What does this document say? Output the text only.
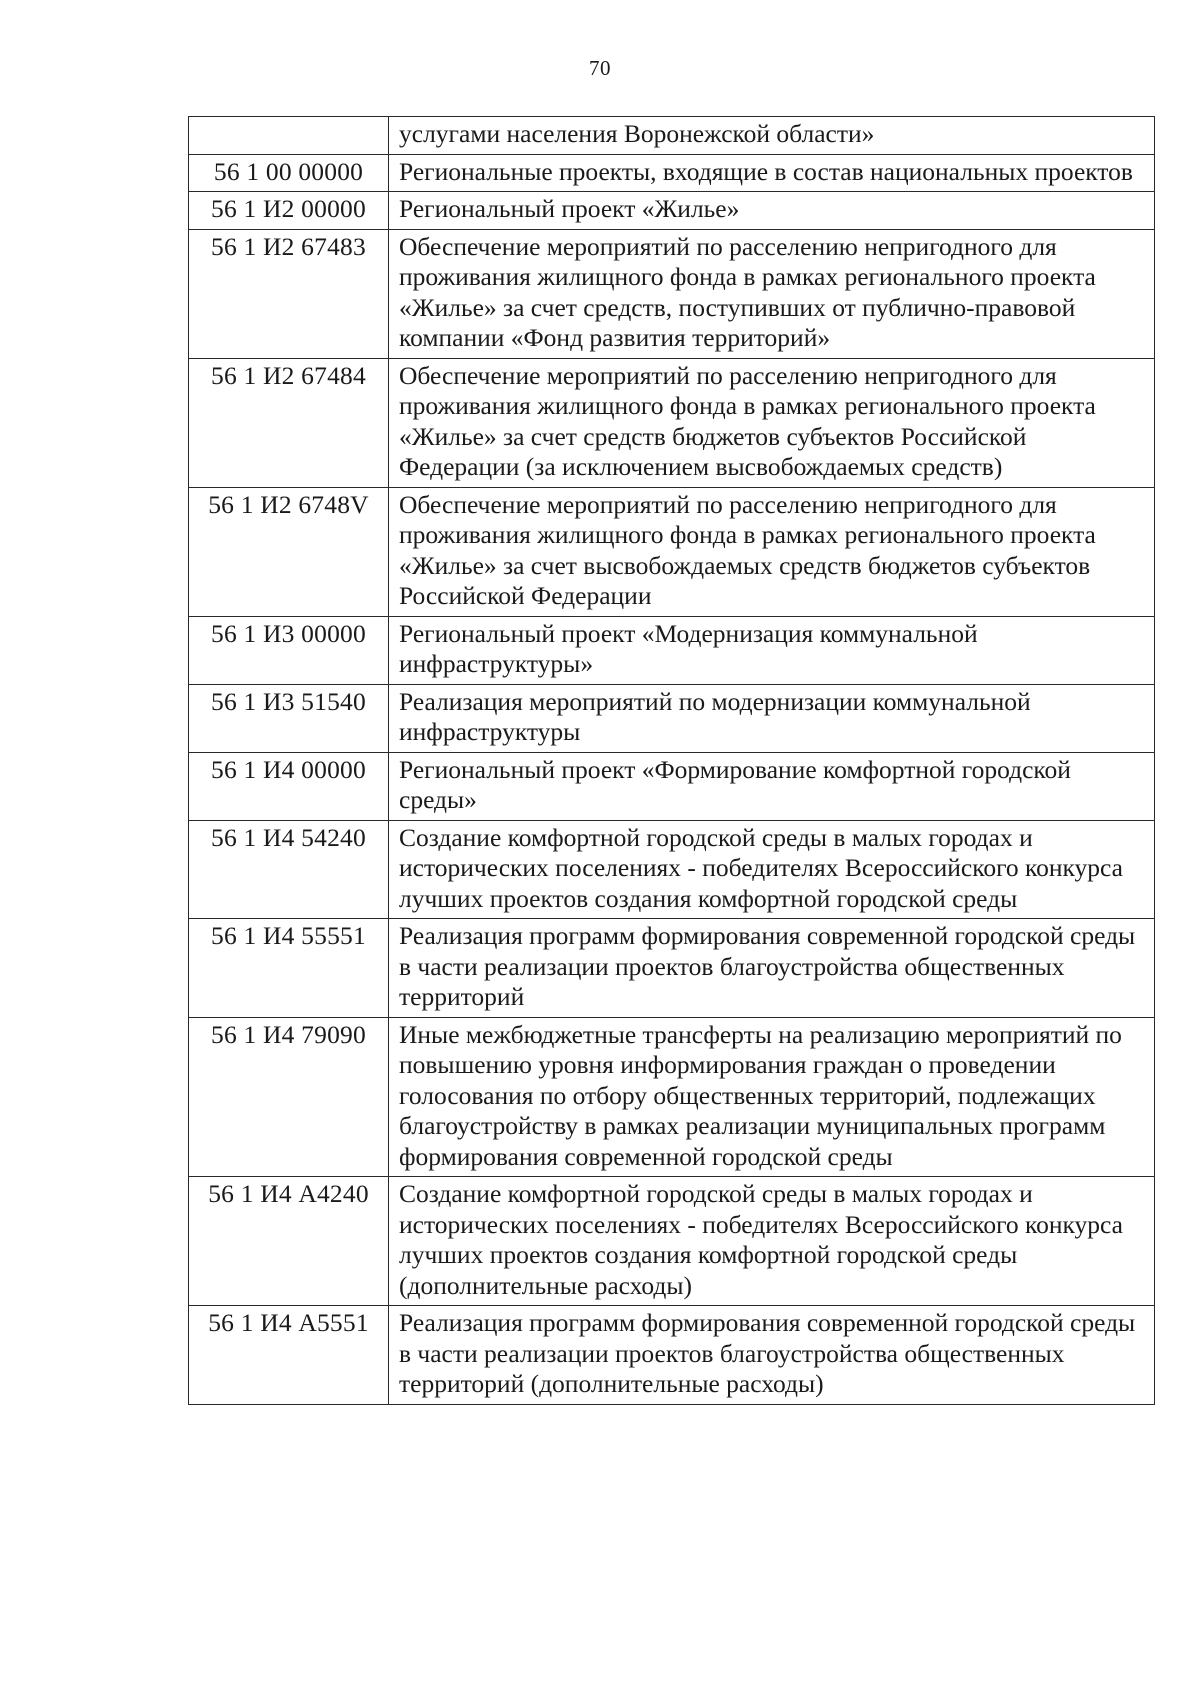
70
	услугами населения Воронежской области»
56 1 00 00000	Региональные проекты, входящие в состав национальных проектов
56 1 И2 00000	Региональный проект «Жилье»
56 1 И2 67483	Обеспечение мероприятий по расселению непригодного для проживания жилищного фонда в рамках регионального проекта «Жилье» за счет средств, поступивших от публично-правовой компании «Фонд развития территорий»
56 1 И2 67484	Обеспечение мероприятий по расселению непригодного для проживания жилищного фонда в рамках регионального проекта «Жилье» за счет средств бюджетов субъектов Российской Федерации (за исключением высвобождаемых средств)
56 1 И2 6748V	Обеспечение мероприятий по расселению непригодного для проживания жилищного фонда в рамках регионального проекта «Жилье» за счет высвобождаемых средств бюджетов субъектов Российской Федерации
56 1 И3 00000	Региональный проект «Модернизация коммунальной инфраструктуры»
56 1 И3 51540	Реализация мероприятий по модернизации коммунальной инфраструктуры
56 1 И4 00000	Региональный проект «Формирование комфортной городской среды»
56 1 И4 54240	Создание комфортной городской среды в малых городах и исторических поселениях - победителях Всероссийского конкурса лучших проектов создания комфортной городской среды
56 1 И4 55551	Реализация программ формирования современной городской среды в части реализации проектов благоустройства общественных территорий
56 1 И4 79090	Иные межбюджетные трансферты на реализацию мероприятий по повышению уровня информирования граждан о проведении голосования по отбору общественных территорий, подлежащих благоустройству в рамках реализации муниципальных программ формирования современной городской среды
56 1 И4 А4240	Создание комфортной городской среды в малых городах и исторических поселениях - победителях Всероссийского конкурса лучших проектов создания комфортной городской среды (дополнительные расходы)
56 1 И4 А5551	Реализация программ формирования современной городской среды в части реализации проектов благоустройства общественных территорий (дополнительные расходы)
